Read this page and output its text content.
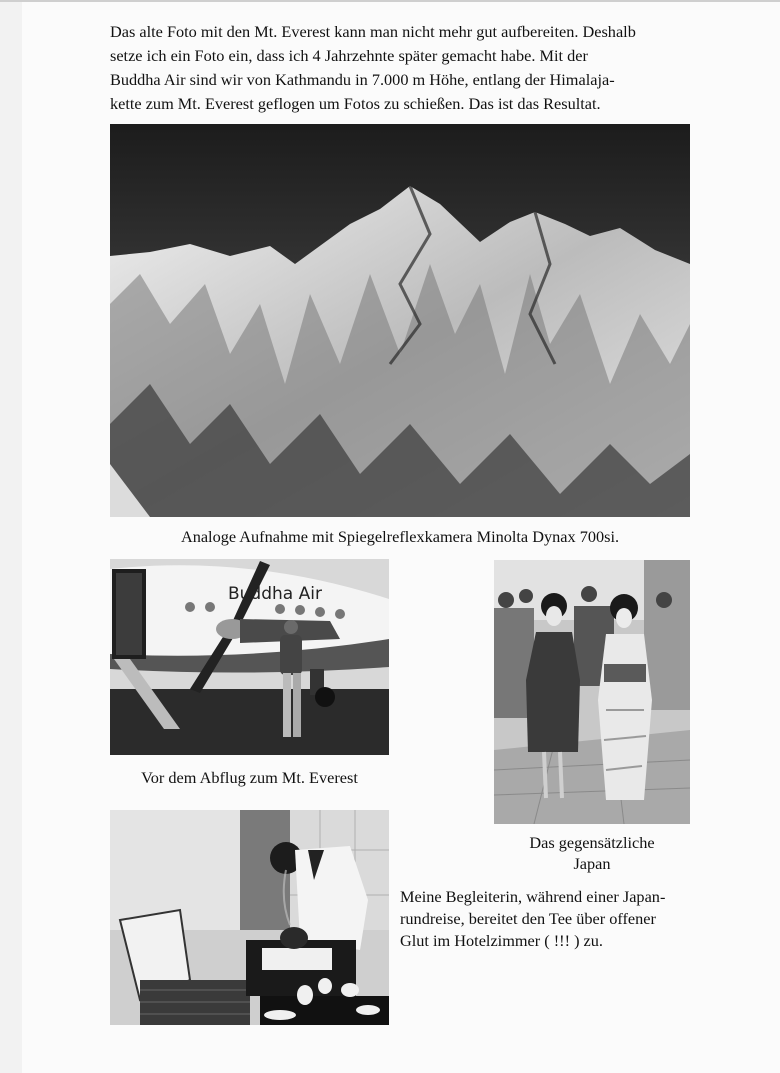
Das alte Foto mit den Mt. Everest kann man nicht mehr gut aufbereiten. Deshalb
setze ich ein Foto ein, dass ich 4 Jahrzehnte später gemacht habe. Mit der
Buddha Air sind wir von Kathmandu in 7.000 m Höhe, entlang der Himalaja-
kette zum Mt. Everest geflogen um Fotos zu schießen. Das ist das Resultat.

Analoge Aufnahme mit Spiegelreflexkamera Minolta Dynax 700si.

Buddha Air

Vor dem Abflug zum Mt. Everest

Das gegensätzliche

Japan

Meine Begleiterin, während einer Japan-
rundreise, bereitet den Tee über offener
Glut im Hotelzimmer ( !!! ) zu.
